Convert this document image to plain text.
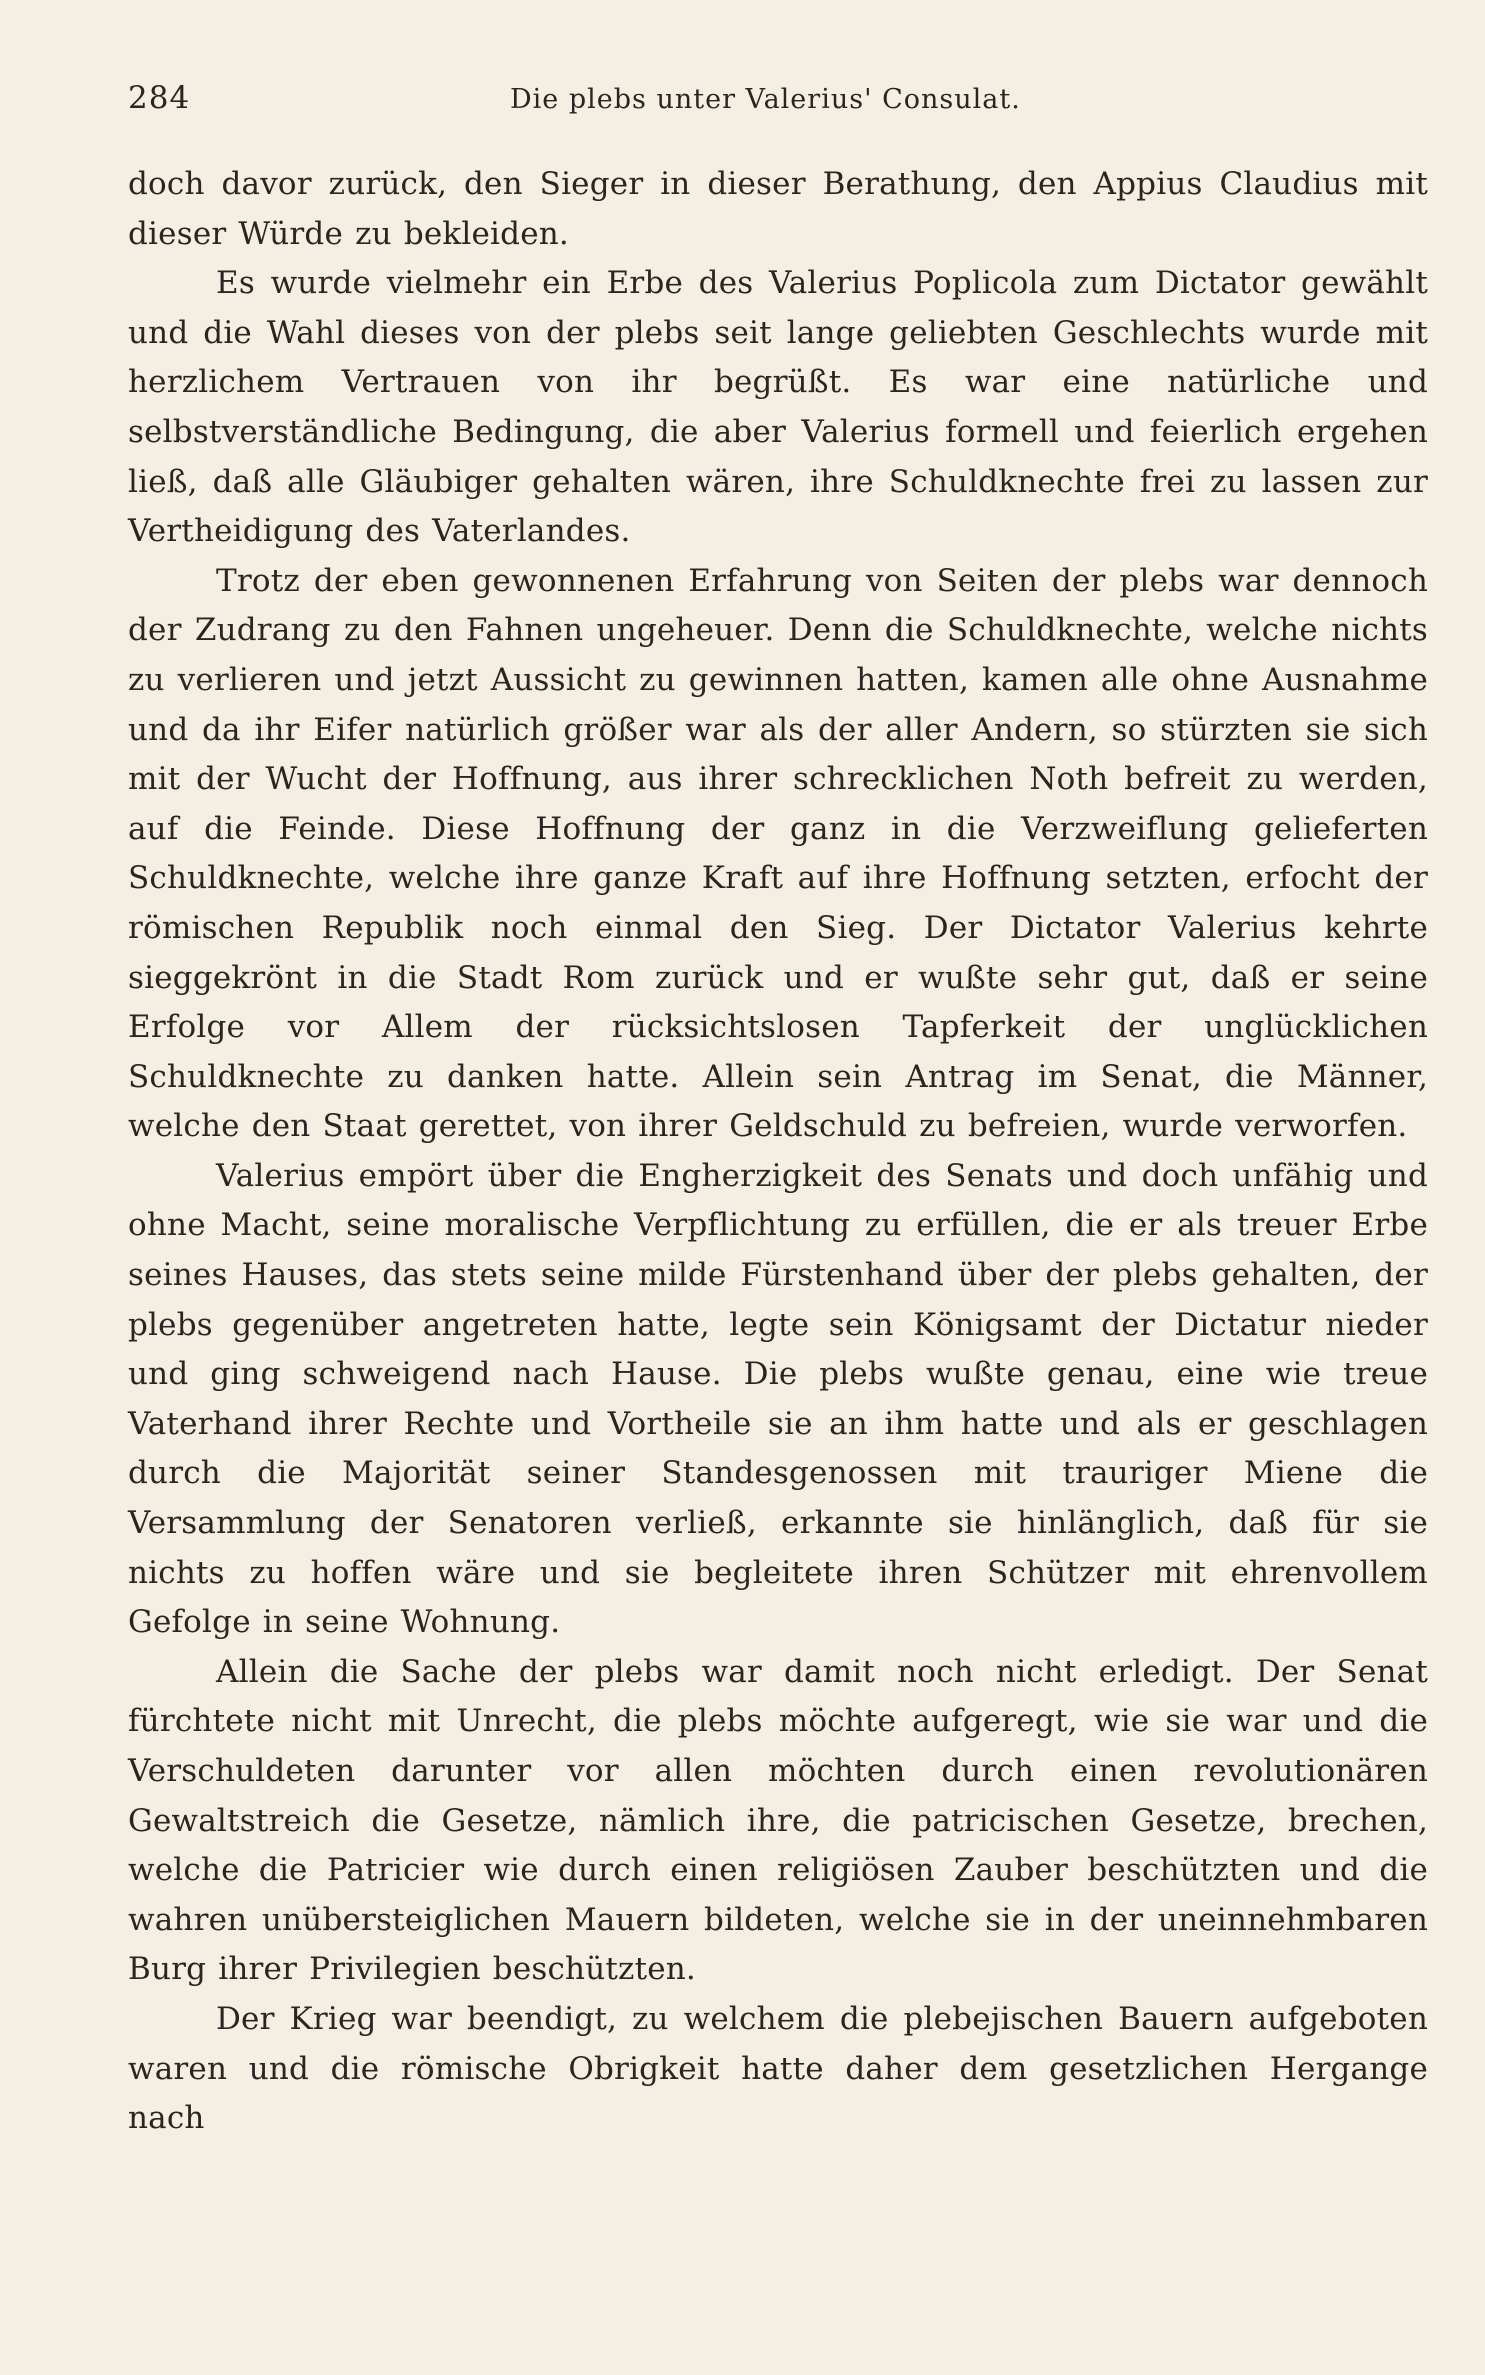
284	Die plebs unter Valerius' Consulat.

doch davor zurück, den Sieger in dieser Berathung, den Appius Claudius mit dieser Würde zu bekleiden.

Es wurde vielmehr ein Erbe des Valerius Poplicola zum Dictator gewählt und die Wahl dieses von der plebs seit lange geliebten Geschlechts wurde mit herzlichem Vertrauen von ihr begrüßt. Es war eine natürliche und selbstverständliche Bedingung, die aber Valerius formell und feierlich ergehen ließ, daß alle Gläubiger gehalten wären, ihre Schuldknechte frei zu lassen zur Vertheidigung des Vaterlandes.

Trotz der eben gewonnenen Erfahrung von Seiten der plebs war dennoch der Zudrang zu den Fahnen ungeheuer. Denn die Schuldknechte, welche nichts zu verlieren und jetzt Aussicht zu gewinnen hatten, kamen alle ohne Ausnahme und da ihr Eifer natürlich größer war als der aller Andern, so stürzten sie sich mit der Wucht der Hoffnung, aus ihrer schrecklichen Noth befreit zu werden, auf die Feinde. Diese Hoffnung der ganz in die Verzweiflung gelieferten Schuldknechte, welche ihre ganze Kraft auf ihre Hoffnung setzten, erfocht der römischen Republik noch einmal den Sieg. Der Dictator Valerius kehrte sieggekrönt in die Stadt Rom zurück und er wußte sehr gut, daß er seine Erfolge vor Allem der rücksichtslosen Tapferkeit der unglücklichen Schuldknechte zu danken hatte. Allein sein Antrag im Senat, die Männer, welche den Staat gerettet, von ihrer Geldschuld zu befreien, wurde verworfen.

Valerius empört über die Engherzigkeit des Senats und doch unfähig und ohne Macht, seine moralische Verpflichtung zu erfüllen, die er als treuer Erbe seines Hauses, das stets seine milde Fürstenhand über der plebs gehalten, der plebs gegenüber angetreten hatte, legte sein Königsamt der Dictatur nieder und ging schweigend nach Hause. Die plebs wußte genau, eine wie treue Vaterhand ihrer Rechte und Vortheile sie an ihm hatte und als er geschlagen durch die Majorität seiner Standesgenossen mit trauriger Miene die Versammlung der Senatoren verließ, erkannte sie hinlänglich, daß für sie nichts zu hoffen wäre und sie begleitete ihren Schützer mit ehrenvollem Gefolge in seine Wohnung.

Allein die Sache der plebs war damit noch nicht erledigt. Der Senat fürchtete nicht mit Unrecht, die plebs möchte aufgeregt, wie sie war und die Verschuldeten darunter vor allen möchten durch einen revolutionären Gewaltstreich die Gesetze, nämlich ihre, die patricischen Gesetze, brechen, welche die Patricier wie durch einen religiösen Zauber beschützten und die wahren unübersteiglichen Mauern bildeten, welche sie in der uneinnehmbaren Burg ihrer Privilegien beschützten.

Der Krieg war beendigt, zu welchem die plebejischen Bauern aufgeboten waren und die römische Obrigkeit hatte daher dem gesetzlichen Hergange nach
